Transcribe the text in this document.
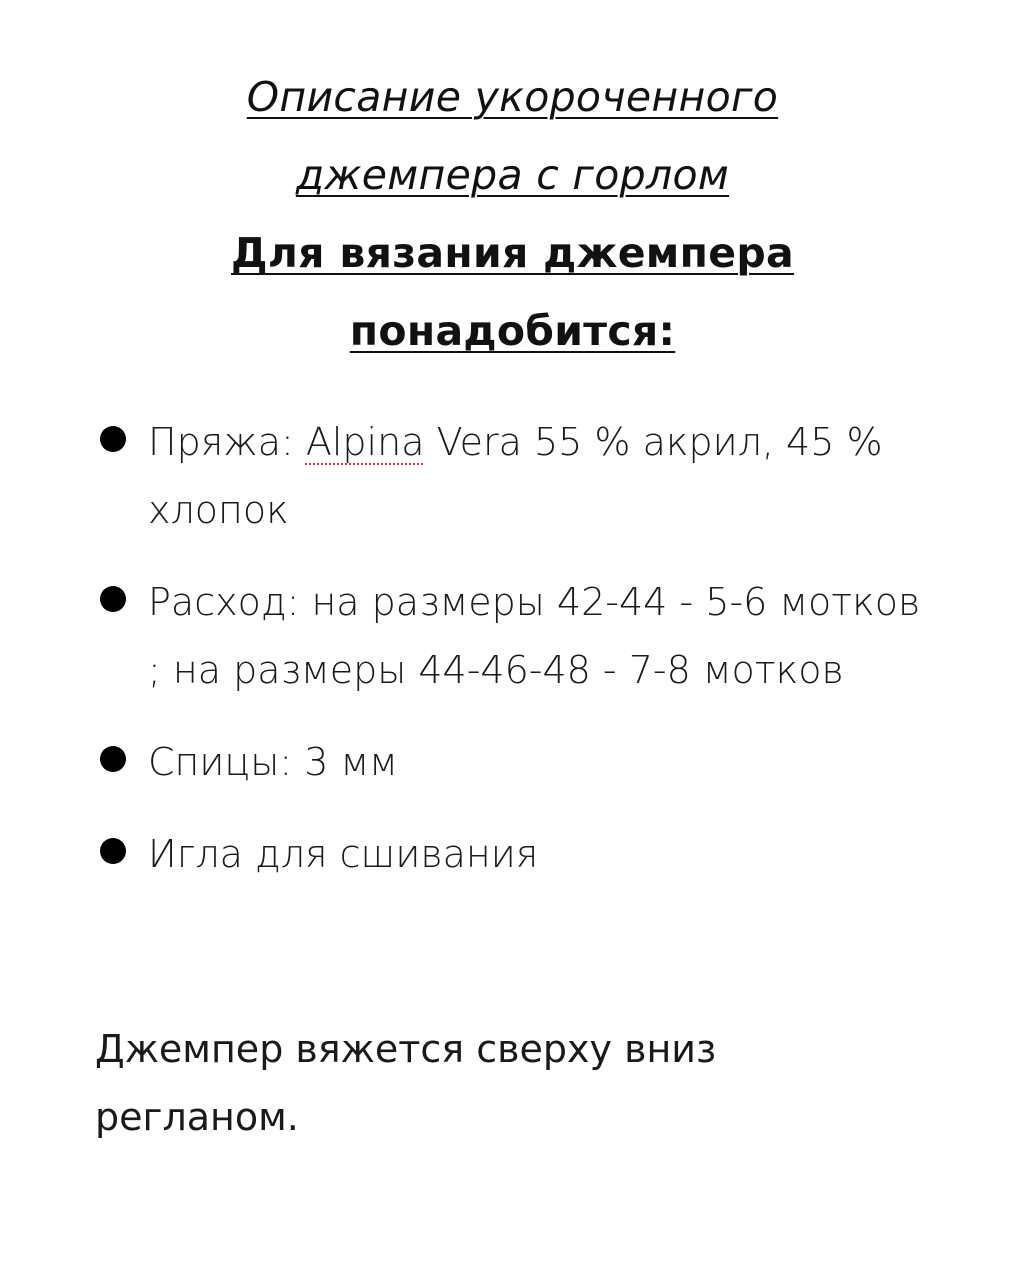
Описание укороченного
джемпера с горлом
Для вязания джемпера
понадобится:
Пряжа: Alpina Vera 55 % акрил, 45 %
хлопок
Расход: на размеры 42-44 - 5-6 мотков
; на размеры 44-46-48 - 7-8 мотков
Спицы: 3 мм
Игла для сшивания
Джемпер вяжется сверху вниз
регланом.
